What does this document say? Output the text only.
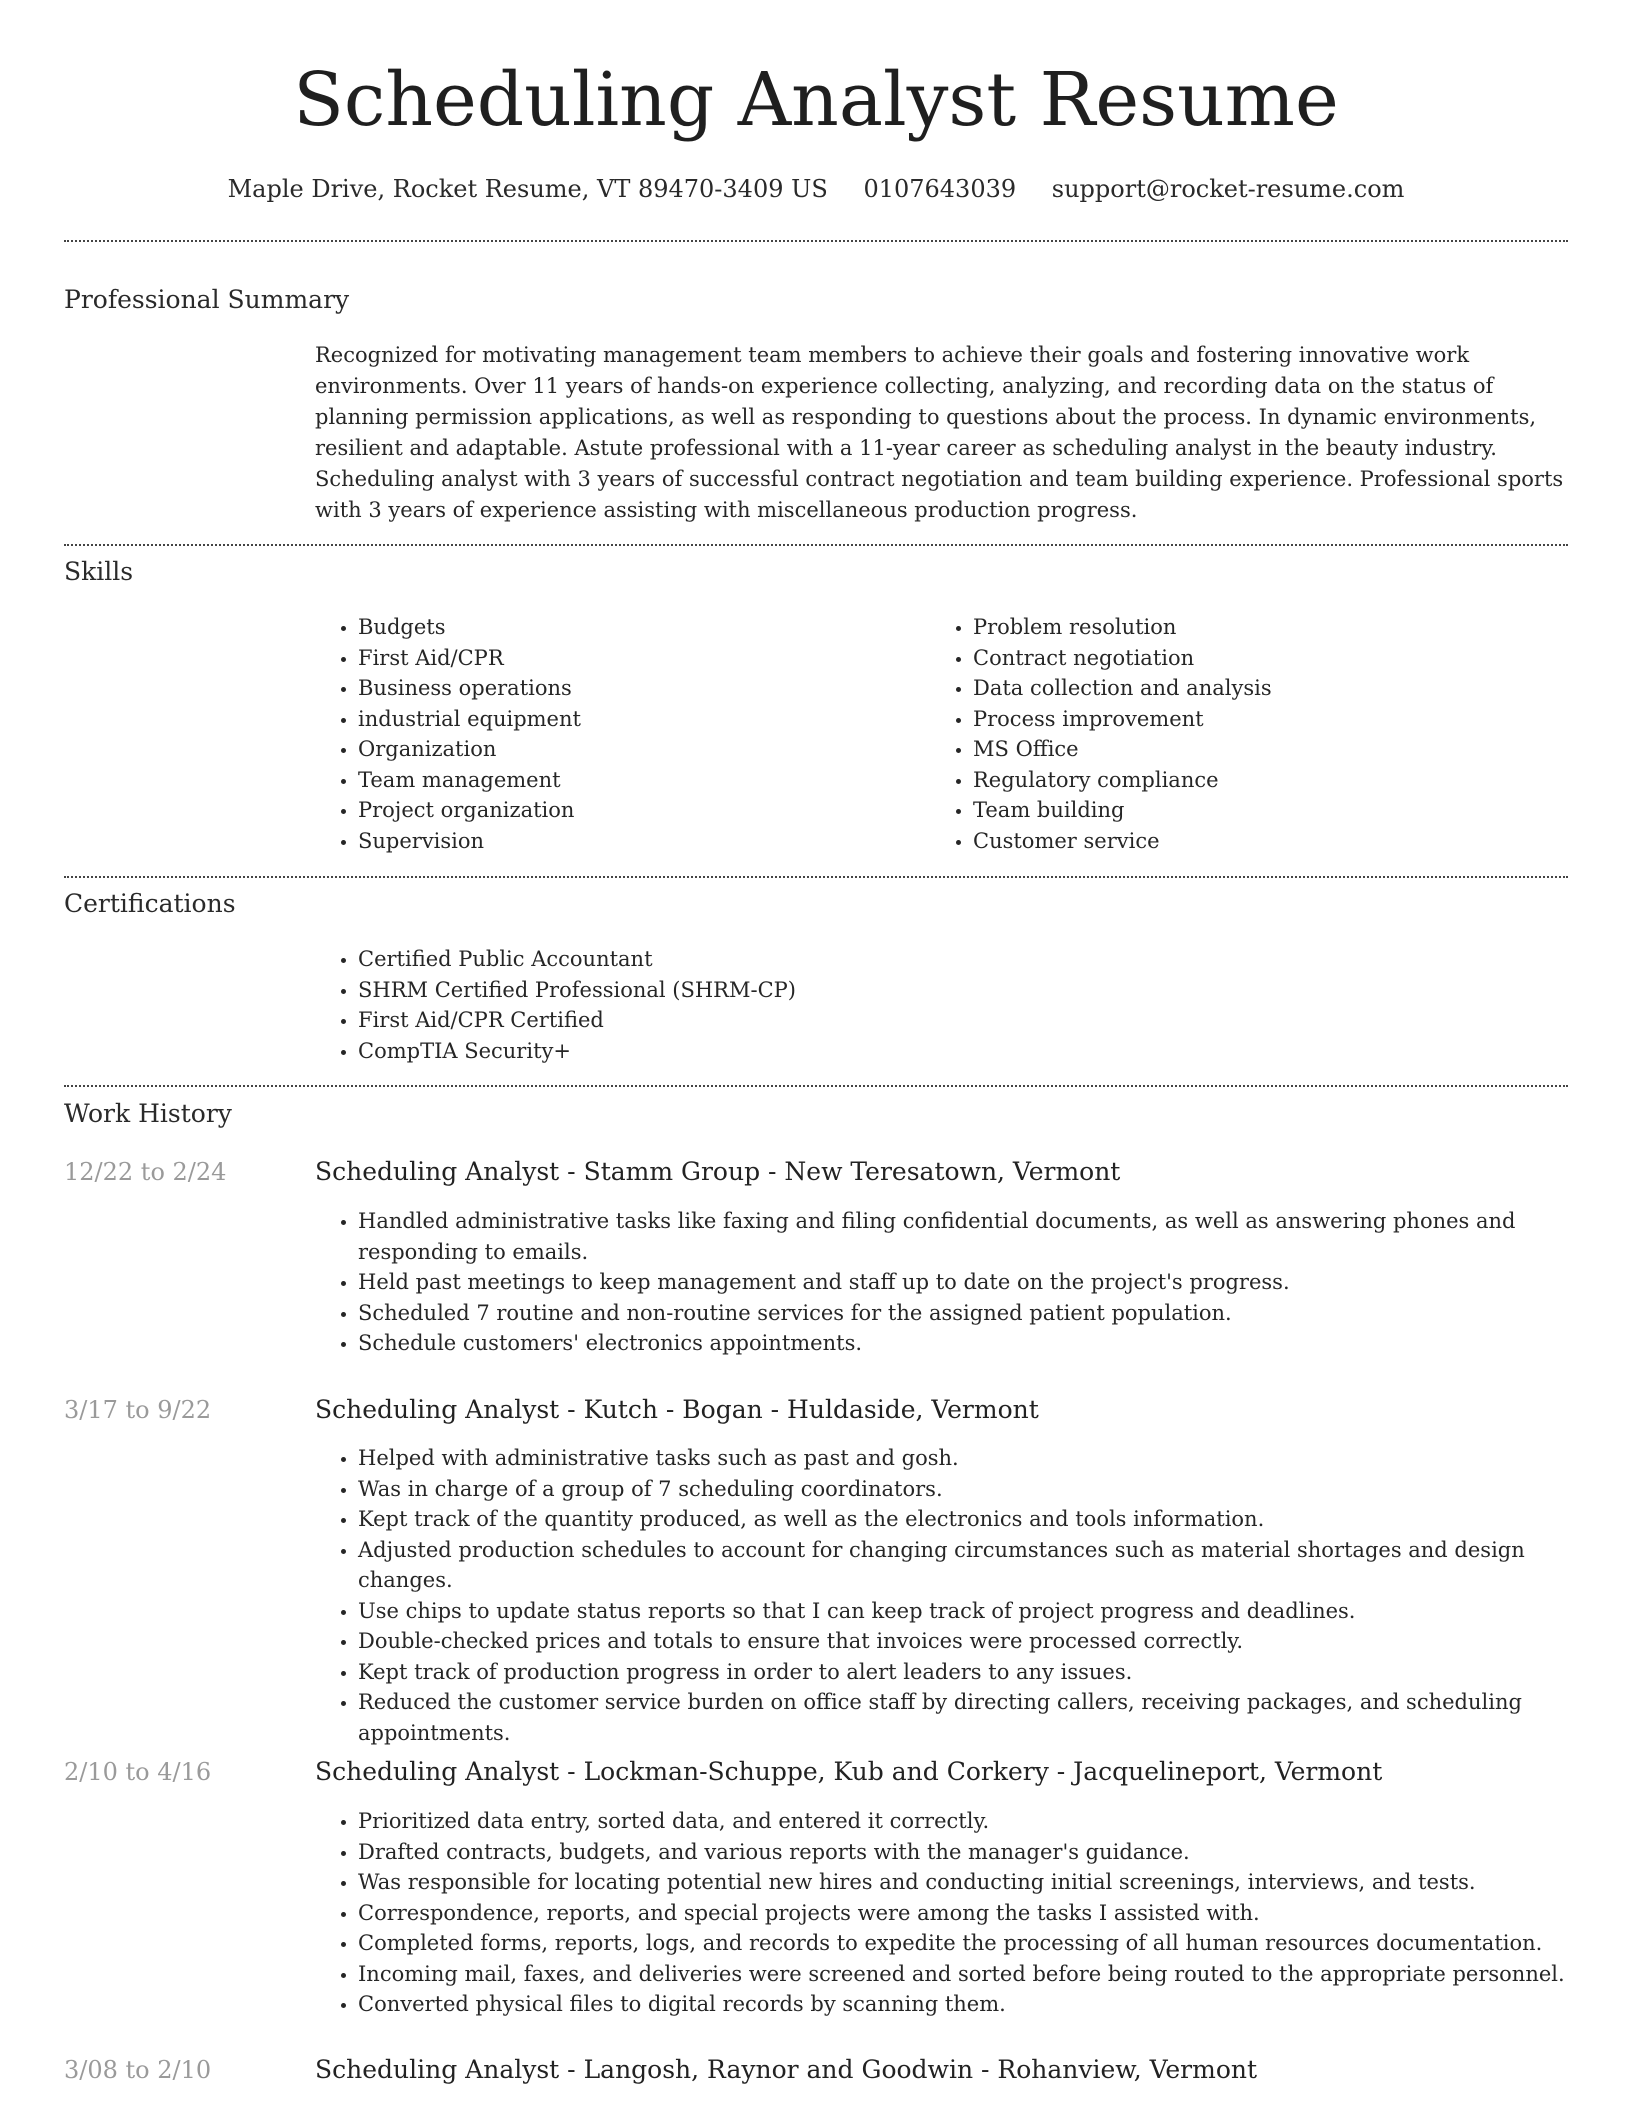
Scheduling Analyst Resume
Maple Drive, Rocket Resume, VT 89470-3409 US 0107643039 support@rocket-resume.com
Professional Summary
Recognized for motivating management team members to achieve their goals and fostering innovative work environments. Over 11 years of hands-on experience collecting, analyzing, and recording data on the status of planning permission applications, as well as responding to questions about the process. In dynamic environments, resilient and adaptable. Astute professional with a 11-year career as scheduling analyst in the beauty industry. Scheduling analyst with 3 years of successful contract negotiation and team building experience. Professional sports with 3 years of experience assisting with miscellaneous production progress.
Skills
• Budgets
• First Aid/CPR
• Business operations
• industrial equipment
• Organization
• Team management
• Project organization
• Supervision
• Problem resolution
• Contract negotiation
• Data collection and analysis
• Process improvement
• MS Office
• Regulatory compliance
• Team building
• Customer service
Certifications
• Certified Public Accountant
• SHRM Certified Professional (SHRM-CP)
• First Aid/CPR Certified
• CompTIA Security+
Work History
12/22 to 2/24	Scheduling Analyst - Stamm Group - New Teresatown, Vermont
• Handled administrative tasks like faxing and filing confidential documents, as well as answering phones and responding to emails.
• Held past meetings to keep management and staff up to date on the project's progress.
• Scheduled 7 routine and non-routine services for the assigned patient population.
• Schedule customers' electronics appointments.
3/17 to 9/22	Scheduling Analyst - Kutch - Bogan - Huldaside, Vermont
• Helped with administrative tasks such as past and gosh.
• Was in charge of a group of 7 scheduling coordinators.
• Kept track of the quantity produced, as well as the electronics and tools information.
• Adjusted production schedules to account for changing circumstances such as material shortages and design changes.
• Use chips to update status reports so that I can keep track of project progress and deadlines.
• Double-checked prices and totals to ensure that invoices were processed correctly.
• Kept track of production progress in order to alert leaders to any issues.
• Reduced the customer service burden on office staff by directing callers, receiving packages, and scheduling appointments.
2/10 to 4/16	Scheduling Analyst - Lockman-Schuppe, Kub and Corkery - Jacquelineport, Vermont
• Prioritized data entry, sorted data, and entered it correctly.
• Drafted contracts, budgets, and various reports with the manager's guidance.
• Was responsible for locating potential new hires and conducting initial screenings, interviews, and tests.
• Correspondence, reports, and special projects were among the tasks I assisted with.
• Completed forms, reports, logs, and records to expedite the processing of all human resources documentation.
• Incoming mail, faxes, and deliveries were screened and sorted before being routed to the appropriate personnel.
• Converted physical files to digital records by scanning them.
3/08 to 2/10	Scheduling Analyst - Langosh, Raynor and Goodwin - Rohanview, Vermont
